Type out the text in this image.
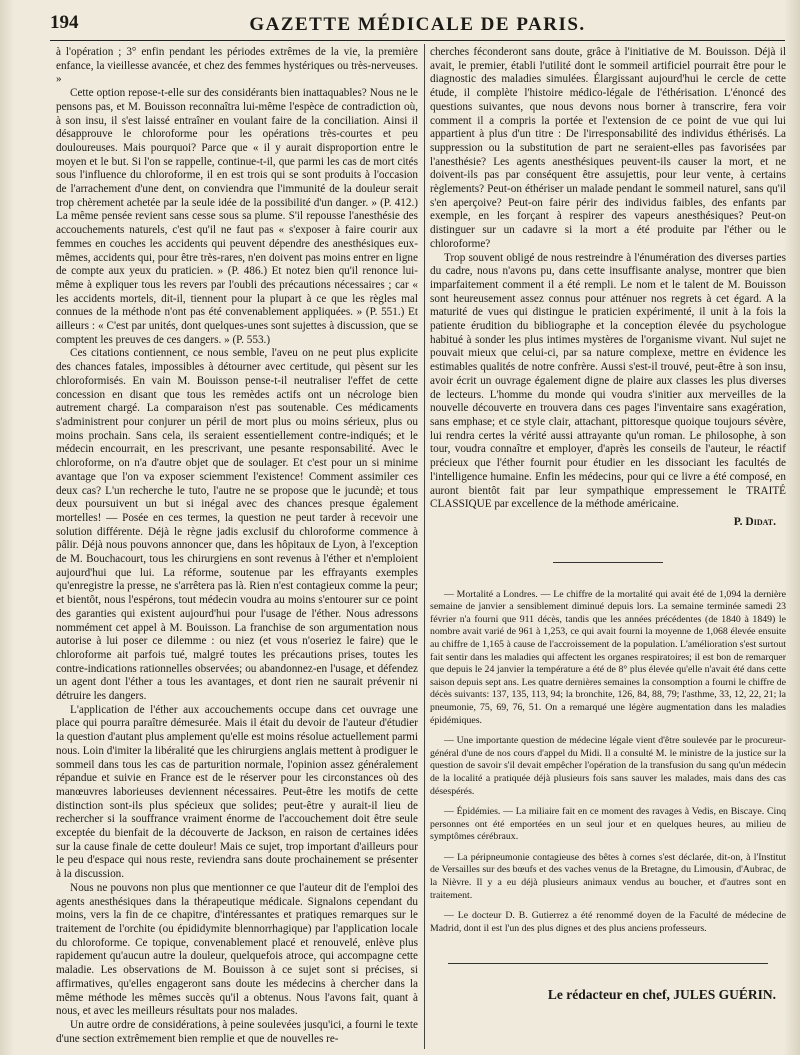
194	GAZETTE MÉDICALE DE PARIS.

à l'opération ; 3° enfin pendant les périodes extrêmes de la vie, la première enfance, la vieillesse avancée, et chez des femmes hystériques ou très-nerveuses. »

Cette option repose-t-elle sur des considérants bien inattaquables? Nous ne le pensons pas, et M. Bouisson reconnaîtra lui-même l'espèce de contradiction où, à son insu, il s'est laissé entraîner en voulant faire de la conciliation. Ainsi il désapprouve le chloroforme pour les opérations très-courtes et peu douloureuses. Mais pourquoi? Parce que « il y aurait disproportion entre le moyen et le but. Si l'on se rappelle, continue-t-il, que parmi les cas de mort cités sous l'influence du chloroforme, il en est trois qui se sont produits à l'occasion de l'arrachement d'une dent, on conviendra que l'immunité de la douleur serait trop chèrement achetée par la seule idée de la possibilité d'un danger. » (P. 412.) La même pensée revient sans cesse sous sa plume. S'il repousse l'anesthésie des accouchements naturels, c'est qu'il ne faut pas « s'exposer à faire courir aux femmes en couches les accidents qui peuvent dépendre des anesthésiques eux-mêmes, accidents qui, pour être très-rares, n'en doivent pas moins entrer en ligne de compte aux yeux du praticien. » (P. 486.) Et notez bien qu'il renonce lui-même à expliquer tous les revers par l'oubli des précautions nécessaires ; car « les accidents mortels, dit-il, tiennent pour la plupart à ce que les règles mal connues de la méthode n'ont pas été convenablement appliquées. » (P. 551.) Et ailleurs : « C'est par unités, dont quelques-unes sont sujettes à discussion, que se comptent les preuves de ces dangers. » (P. 553.)

Ces citations contiennent, ce nous semble, l'aveu on ne peut plus explicite des chances fatales, impossibles à détourner avec certitude, qui pèsent sur les chloroformisés. En vain M. Bouisson pense-t-il neutraliser l'effet de cette concession en disant que tous les remèdes actifs ont un nécrologe bien autrement chargé. La comparaison n'est pas soutenable. Ces médicaments s'administrent pour conjurer un péril de mort plus ou moins sérieux, plus ou moins prochain. Sans cela, ils seraient essentiellement contre-indiqués; et le médecin encourrait, en les prescrivant, une pesante responsabilité. Avec le chloroforme, on n'a d'autre objet que de soulager. Et c'est pour un si minime avantage que l'on va exposer sciemment l'existence! Comment assimiler ces deux cas? L'un recherche le tuto, l'autre ne se propose que le jucundè; et tous deux poursuivent un but si inégal avec des chances presque également mortelles! — Posée en ces termes, la question ne peut tarder à recevoir une solution différente. Déjà le règne jadis exclusif du chloroforme commence à pâlir. Déjà nous pouvons annoncer que, dans les hôpitaux de Lyon, à l'exception de M. Bouchacourt, tous les chirurgiens en sont revenus à l'éther et n'emploient aujourd'hui que lui. La réforme, soutenue par les effrayants exemples qu'enregistre la presse, ne s'arrêtera pas là. Rien n'est contagieux comme la peur; et bientôt, nous l'espérons, tout médecin voudra au moins s'entourer sur ce point des garanties qui existent aujourd'hui pour l'usage de l'éther. Nous adressons nommément cet appel à M. Bouisson. La franchise de son argumentation nous autorise à lui poser ce dilemme : ou niez (et vous n'oseriez le faire) que le chloroforme ait parfois tué, malgré toutes les précautions prises, toutes les contre-indications rationnelles observées; ou abandonnez-en l'usage, et défendez un agent dont l'éther a tous les avantages, et dont rien ne saurait prévenir ni détruire les dangers.

L'application de l'éther aux accouchements occupe dans cet ouvrage une place qui pourra paraître démesurée. Mais il était du devoir de l'auteur d'étudier la question d'autant plus amplement qu'elle est moins résolue actuellement parmi nous. Loin d'imiter la libéralité que les chirurgiens anglais mettent à prodiguer le sommeil dans tous les cas de parturition normale, l'opinion assez généralement répandue et suivie en France est de le réserver pour les circonstances où des manœuvres laborieuses deviennent nécessaires. Peut-être les motifs de cette distinction sont-ils plus spécieux que solides; peut-être y aurait-il lieu de rechercher si la souffrance vraiment énorme de l'accouchement doit être seule exceptée du bienfait de la découverte de Jackson, en raison de certaines idées sur la cause finale de cette douleur! Mais ce sujet, trop important d'ailleurs pour le peu d'espace qui nous reste, reviendra sans doute prochainement se présenter à la discussion.

Nous ne pouvons non plus que mentionner ce que l'auteur dit de l'emploi des agents anesthésiques dans la thérapeutique médicale. Signalons cependant du moins, vers la fin de ce chapitre, d'intéressantes et pratiques remarques sur le traitement de l'orchite (ou épididymite blennorrhagique) par l'application locale du chloroforme. Ce topique, convenablement placé et renouvelé, enlève plus rapidement qu'aucun autre la douleur, quelquefois atroce, qui accompagne cette maladie. Les observations de M. Bouisson à ce sujet sont si précises, si affirmatives, qu'elles engageront sans doute les médecins à chercher dans la même méthode les mêmes succès qu'il a obtenus. Nous l'avons fait, quant à nous, et avec les meilleurs résultats pour nos malades.

Un autre ordre de considérations, à peine soulevées jusqu'ici, a fourni le texte d'une section extrêmement bien remplie et que de nouvelles re-

cherches féconderont sans doute, grâce à l'initiative de M. Bouisson. Déjà il avait, le premier, établi l'utilité dont le sommeil artificiel pourrait être pour le diagnostic des maladies simulées. Élargissant aujourd'hui le cercle de cette étude, il complète l'histoire médico-légale de l'éthérisation. L'énoncé des questions suivantes, que nous devons nous borner à transcrire, fera voir comment il a compris la portée et l'extension de ce point de vue qui lui appartient à plus d'un titre : De l'irresponsabilité des individus éthérisés. La suppression ou la substitution de part ne seraient-elles pas favorisées par l'anesthésie? Les agents anesthésiques peuvent-ils causer la mort, et ne doivent-ils pas par conséquent être assujettis, pour leur vente, à certains règlements? Peut-on éthériser un malade pendant le sommeil naturel, sans qu'il s'en aperçoive? Peut-on faire périr des individus faibles, des enfants par exemple, en les forçant à respirer des vapeurs anesthésiques? Peut-on distinguer sur un cadavre si la mort a été produite par l'éther ou le chloroforme?

Trop souvent obligé de nous restreindre à l'énumération des diverses parties du cadre, nous n'avons pu, dans cette insuffisante analyse, montrer que bien imparfaitement comment il a été rempli. Le nom et le talent de M. Bouisson sont heureusement assez connus pour atténuer nos regrets à cet égard. A la maturité de vues qui distingue le praticien expérimenté, il unit à la fois la patiente érudition du bibliographe et la conception élevée du psychologue habitué à sonder les plus intimes mystères de l'organisme vivant. Nul sujet ne pouvait mieux que celui-ci, par sa nature complexe, mettre en évidence les estimables qualités de notre confrère. Aussi s'est-il trouvé, peut-être à son insu, avoir écrit un ouvrage également digne de plaire aux classes les plus diverses de lecteurs. L'homme du monde qui voudra s'initier aux merveilles de la nouvelle découverte en trouvera dans ces pages l'inventaire sans exagération, sans emphase; et ce style clair, attachant, pittoresque quoique toujours sévère, lui rendra certes la vérité aussi attrayante qu'un roman. Le philosophe, à son tour, voudra connaître et employer, d'après les conseils de l'auteur, le réactif précieux que l'éther fournit pour étudier en les dissociant les facultés de l'intelligence humaine. Enfin les médecins, pour qui ce livre a été composé, en auront bientôt fait par leur sympathique empressement le TRAITÉ CLASSIQUE par excellence de la méthode américaine.

P. Didat.

— Mortalité a Londres. — Le chiffre de la mortalité qui avait été de 1,094 la dernière semaine de janvier a sensiblement diminué depuis lors. La semaine terminée samedi 23 février n'a fourni que 911 décès, tandis que les années précédentes (de 1840 à 1849) le nombre avait varié de 961 à 1,253, ce qui avait fourni la moyenne de 1,068 élevée ensuite au chiffre de 1,165 à cause de l'accroissement de la population. L'amélioration s'est surtout fait sentir dans les maladies qui affectent les organes respiratoires; il est bon de remarquer que depuis le 24 janvier la température a été de 8° plus élevée qu'elle n'avait été dans cette saison depuis sept ans. Les quatre dernières semaines la consomption a fourni le chiffre de décès suivants: 137, 135, 113, 94; la bronchite, 126, 84, 88, 79; l'asthme, 33, 12, 22, 21; la pneumonie, 75, 69, 76, 51. On a remarqué une légère augmentation dans les maladies épidémiques.

— Une importante question de médecine légale vient d'être soulevée par le procureur-général d'une de nos cours d'appel du Midi. Il a consulté M. le ministre de la justice sur la question de savoir s'il devait empêcher l'opération de la transfusion du sang qu'un médecin de la localité a pratiquée déjà plusieurs fois sans sauver les malades, mais dans des cas désespérés.

— Épidémies. — La miliaire fait en ce moment des ravages à Vedis, en Biscaye. Cinq personnes ont été emportées en un seul jour et en quelques heures, au milieu de symptômes cérébraux.

— La péripneumonie contagieuse des bêtes à cornes s'est déclarée, dit-on, à l'Institut de Versailles sur des bœufs et des vaches venus de la Bretagne, du Limousin, d'Aubrac, de la Nièvre. Il y a eu déjà plusieurs animaux vendus au boucher, et d'autres sont en traitement.

— Le docteur D. B. Gutierrez a été renommé doyen de la Faculté de médecine de Madrid, dont il est l'un des plus dignes et des plus anciens professeurs.

Le rédacteur en chef, JULES GUÉRIN.
